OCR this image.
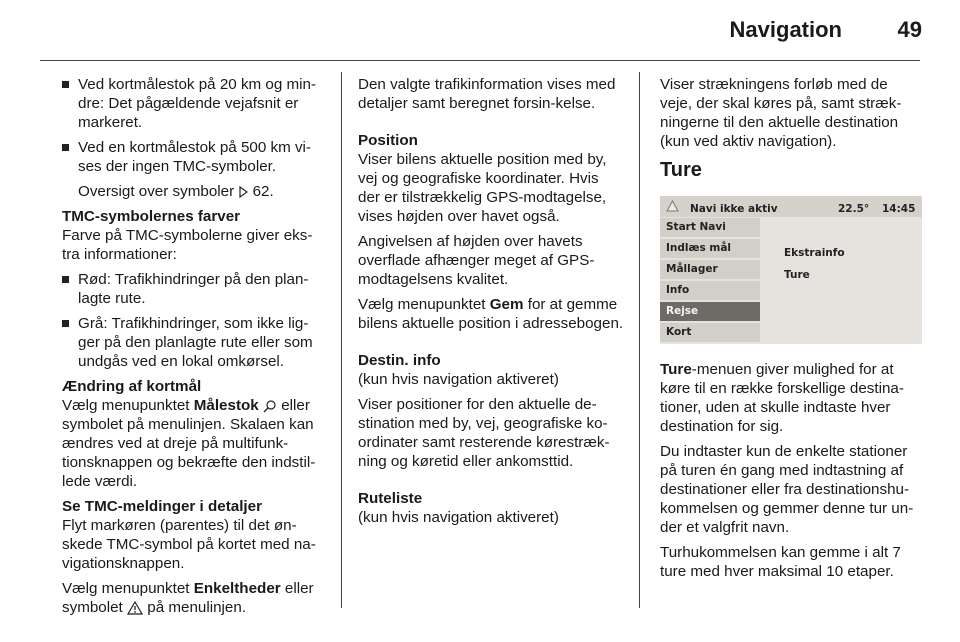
Navigation	49
Ved kortmålestok på 20 km og min-dre: Det pågældende vejafsnit er markeret.
Ved en kortmålestok på 500 km vi-ses der ingen TMC-symboler.
Oversigt over symboler 62.
TMC-symbolernes farver
Farve på TMC-symbolerne giver eks-tra informationer:
Rød: Trafikhindringer på den plan-lagte rute.
Grå: Trafikhindringer, som ikke lig-ger på den planlagte rute eller som undgås ved en lokal omkørsel.
Ændring af kortmål
Vælg menupunktet Målestok eller symbolet på menulinjen. Skalaen kan ændres ved at dreje på multifunk-tionsknappen og bekræfte den indstil-lede værdi.
Se TMC-meldinger i detaljer
Flyt markøren (parentes) til det øn-skede TMC-symbol på kortet med na-vigationsknappen.
Vælg menupunktet Enkeltheder eller symbolet på menulinjen.
Den valgte trafikinformation vises med detaljer samt beregnet forsin-kelse.
Position
Viser bilens aktuelle position med by, vej og geografiske koordinater. Hvis der er tilstrækkelig GPS-modtagelse, vises højden over havet også.
Angivelsen af højden over havets overflade afhænger meget af GPS-modtagelsens kvalitet.
Vælg menupunktet Gem for at gemme bilens aktuelle position i adressebogen.
Destin. info
(kun hvis navigation aktiveret)
Viser positioner for den aktuelle de-stination med by, vej, geografiske ko-ordinater samt resterende kørestræk-ning og køretid eller ankomsttid.
Ruteliste
(kun hvis navigation aktiveret)
Viser strækningens forløb med de veje, der skal køres på, samt stræk-ningerne til den aktuelle destination (kun ved aktiv navigation).
Ture
Navi ikke aktiv	22.5° 14:45
Start Navi
Indlæs mål
Mållager
Info
Rejse
Kort
Ekstrainfo
Ture
Ture-menuen giver mulighed for at køre til en række forskellige destina-tioner, uden at skulle indtaste hver destination for sig.
Du indtaster kun de enkelte stationer på turen én gang med indtastning af destinationer eller fra destinationshu-kommelsen og gemmer denne tur un-der et valgfrit navn.
Turhukommelsen kan gemme i alt 7 ture med hver maksimal 10 etaper.
